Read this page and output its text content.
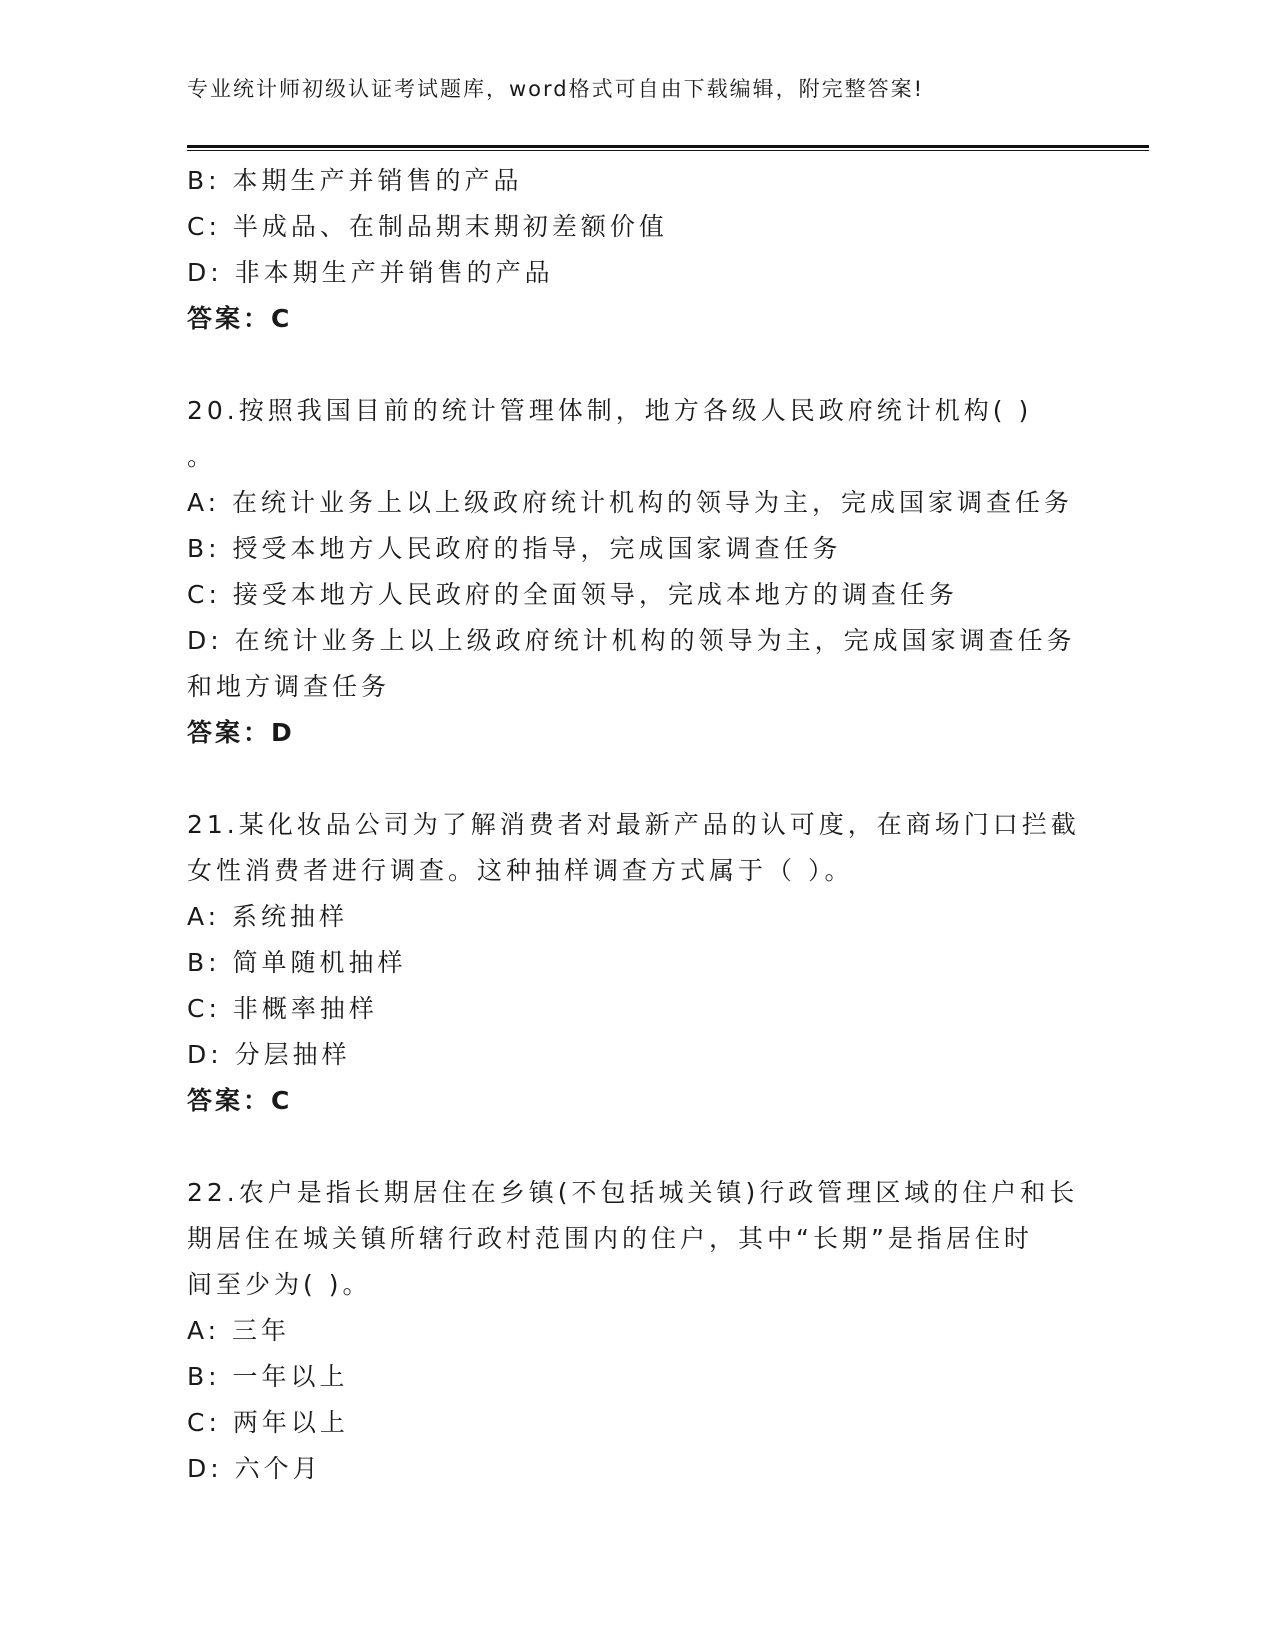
专业统计师初级认证考试题库，word格式可自由下载编辑，附完整答案!
B: 本期生产并销售的产品
C: 半成品、在制品期末期初差额价值
D: 非本期生产并销售的产品
答案：C
20.按照我国目前的统计管理体制，地方各级人民政府统计机构( )
。
A: 在统计业务上以上级政府统计机构的领导为主，完成国家调查任务
B: 授受本地方人民政府的指导，完成国家调查任务
C: 接受本地方人民政府的全面领导，完成本地方的调查任务
D: 在统计业务上以上级政府统计机构的领导为主，完成国家调查任务
和地方调查任务
答案：D
21.某化妆品公司为了解消费者对最新产品的认可度，在商场门口拦截
女性消费者进行调查。这种抽样调查方式属于（ ）。
A: 系统抽样
B: 简单随机抽样
C: 非概率抽样
D: 分层抽样
答案：C
22.农户是指长期居住在乡镇(不包括城关镇)行政管理区域的住户和长
期居住在城关镇所辖行政村范围内的住户，其中“长期”是指居住时
间至少为( )。
A: 三年
B: 一年以上
C: 两年以上
D: 六个月
